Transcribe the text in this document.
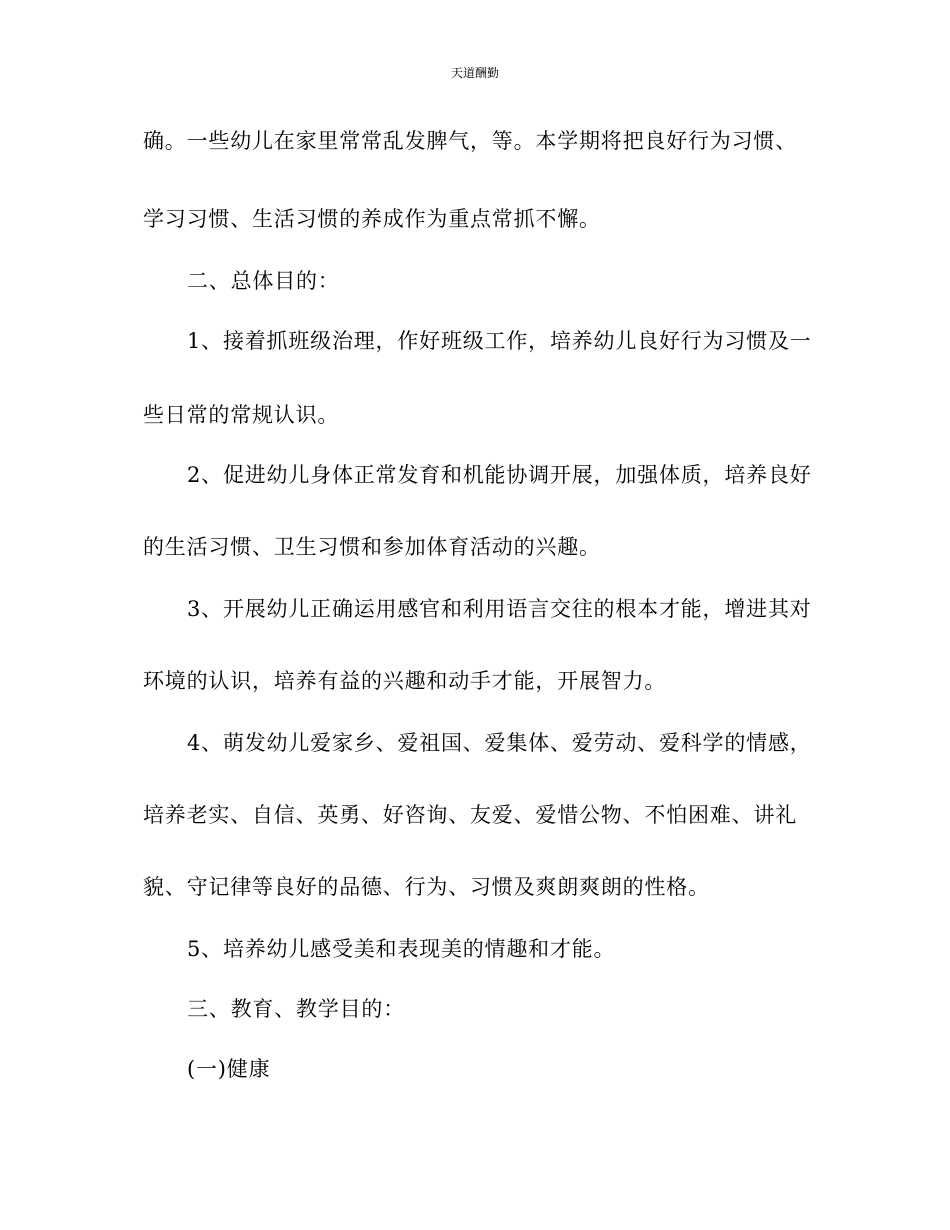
天道酬勤
确。一些幼儿在家里常常乱发脾气，等。本学期将把良好行为习惯、
学习习惯、生活习惯的养成作为重点常抓不懈。
二、总体目的：
1、接着抓班级治理，作好班级工作，培养幼儿良好行为习惯及一
些日常的常规认识。
2、促进幼儿身体正常发育和机能协调开展，加强体质，培养良好
的生活习惯、卫生习惯和参加体育活动的兴趣。
3、开展幼儿正确运用感官和利用语言交往的根本才能，增进其对
环境的认识，培养有益的兴趣和动手才能，开展智力。
4、萌发幼儿爱家乡、爱祖国、爱集体、爱劳动、爱科学的情感，
培养老实、自信、英勇、好咨询、友爱、爱惜公物、不怕困难、讲礼
貌、守记律等良好的品德、行为、习惯及爽朗爽朗的性格。
5、培养幼儿感受美和表现美的情趣和才能。
三、教育、教学目的：
(一)健康
